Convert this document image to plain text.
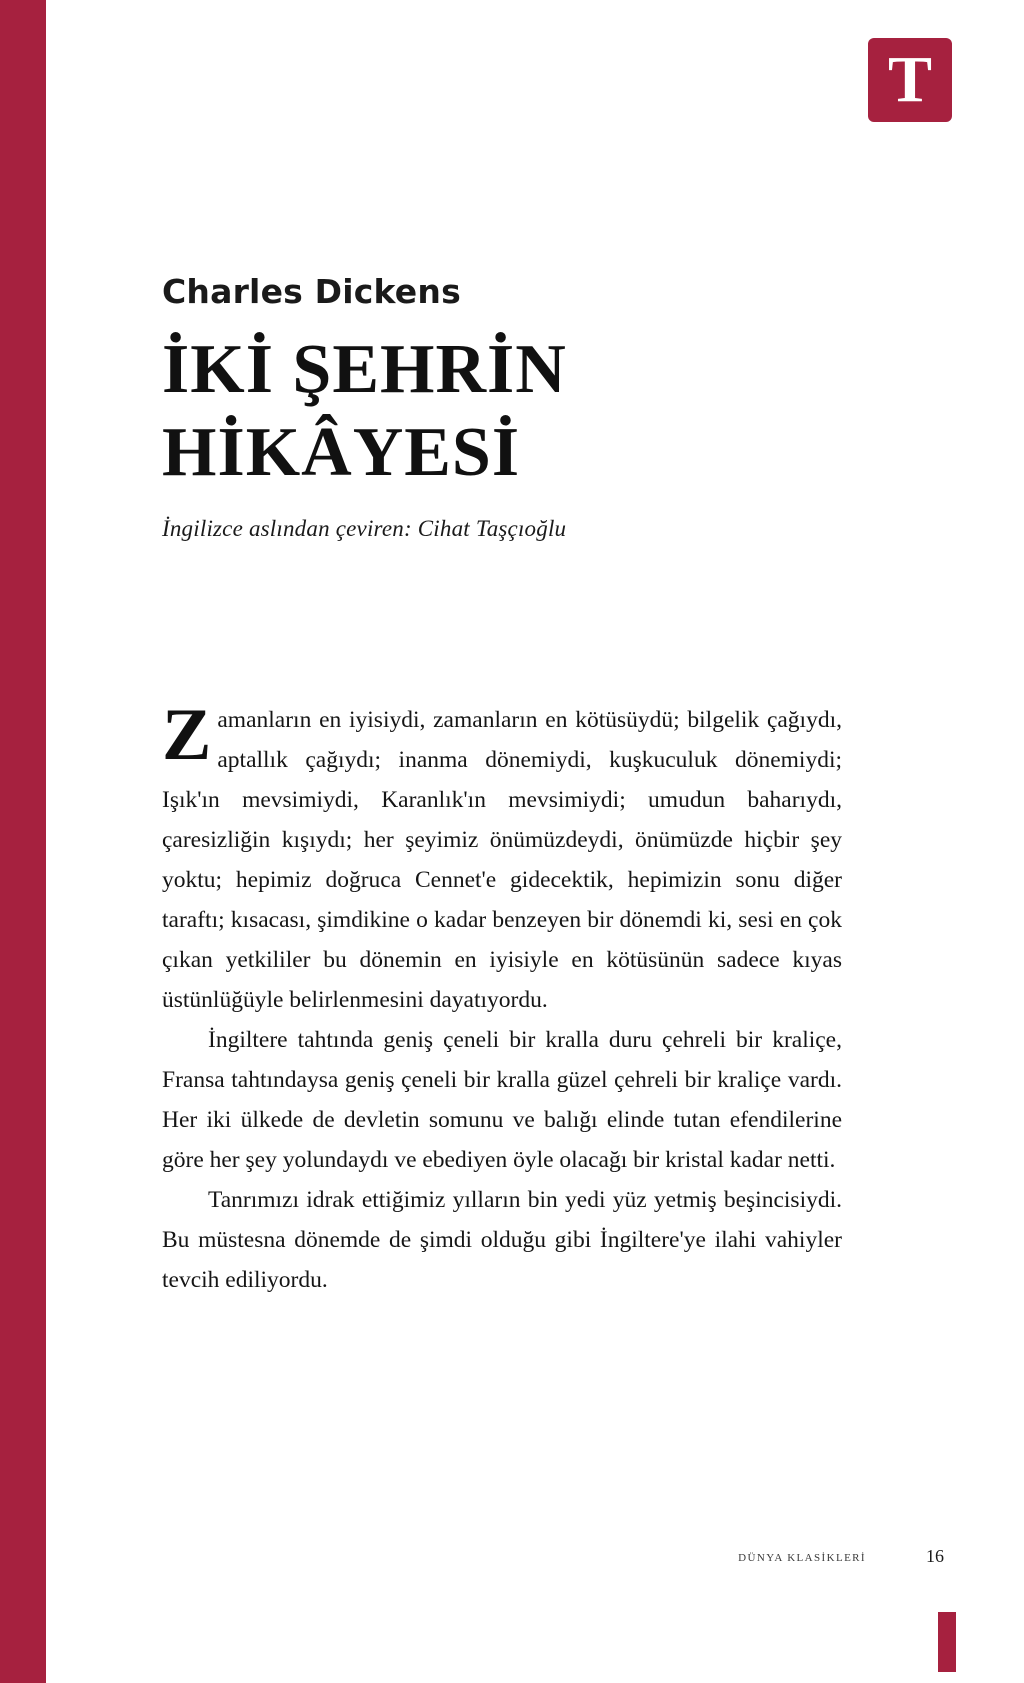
T
Charles Dickens
İKİ ŞEHRİN
HİKÂYESİ
İngilizce aslından çeviren: Cihat Taşçıoğlu

Zamanların en iyisiydi, zamanların en kötüsüydü; bilgelik çağıydı, aptallık çağıydı; inanma dönemiydi, kuşkuculuk dönemiydi; Işık'ın mevsimiydi, Karanlık'ın mevsimiydi; umudun baharıydı, çaresizliğin kışıydı; her şeyimiz önümüzdeydi, önümüzde hiçbir şey yoktu; hepimiz doğruca Cennet'e gidecektik, hepimizin sonu diğer taraftı; kısacası, şimdikine o kadar benzeyen bir dönemdi ki, sesi en çok çıkan yetkililer bu dönemin en iyisiyle en kötüsünün sadece kıyas üstünlüğüyle belirlenmesini dayatıyordu.

İngiltere tahtında geniş çeneli bir kralla duru çehreli bir kraliçe, Fransa tahtındaysa geniş çeneli bir kralla güzel çehreli bir kraliçe vardı. Her iki ülkede de devletin somunu ve balığı elinde tutan efendilerine göre her şey yolundaydı ve ebediyen öyle olacağı bir kristal kadar netti.

Tanrımızı idrak ettiğimiz yılların bin yedi yüz yetmiş beşincisiydi. Bu müstesna dönemde de şimdi olduğu gibi İngiltere'ye ilahi vahiyler tevcih ediliyordu.

DÜNYA KLASİKLERİ	16
